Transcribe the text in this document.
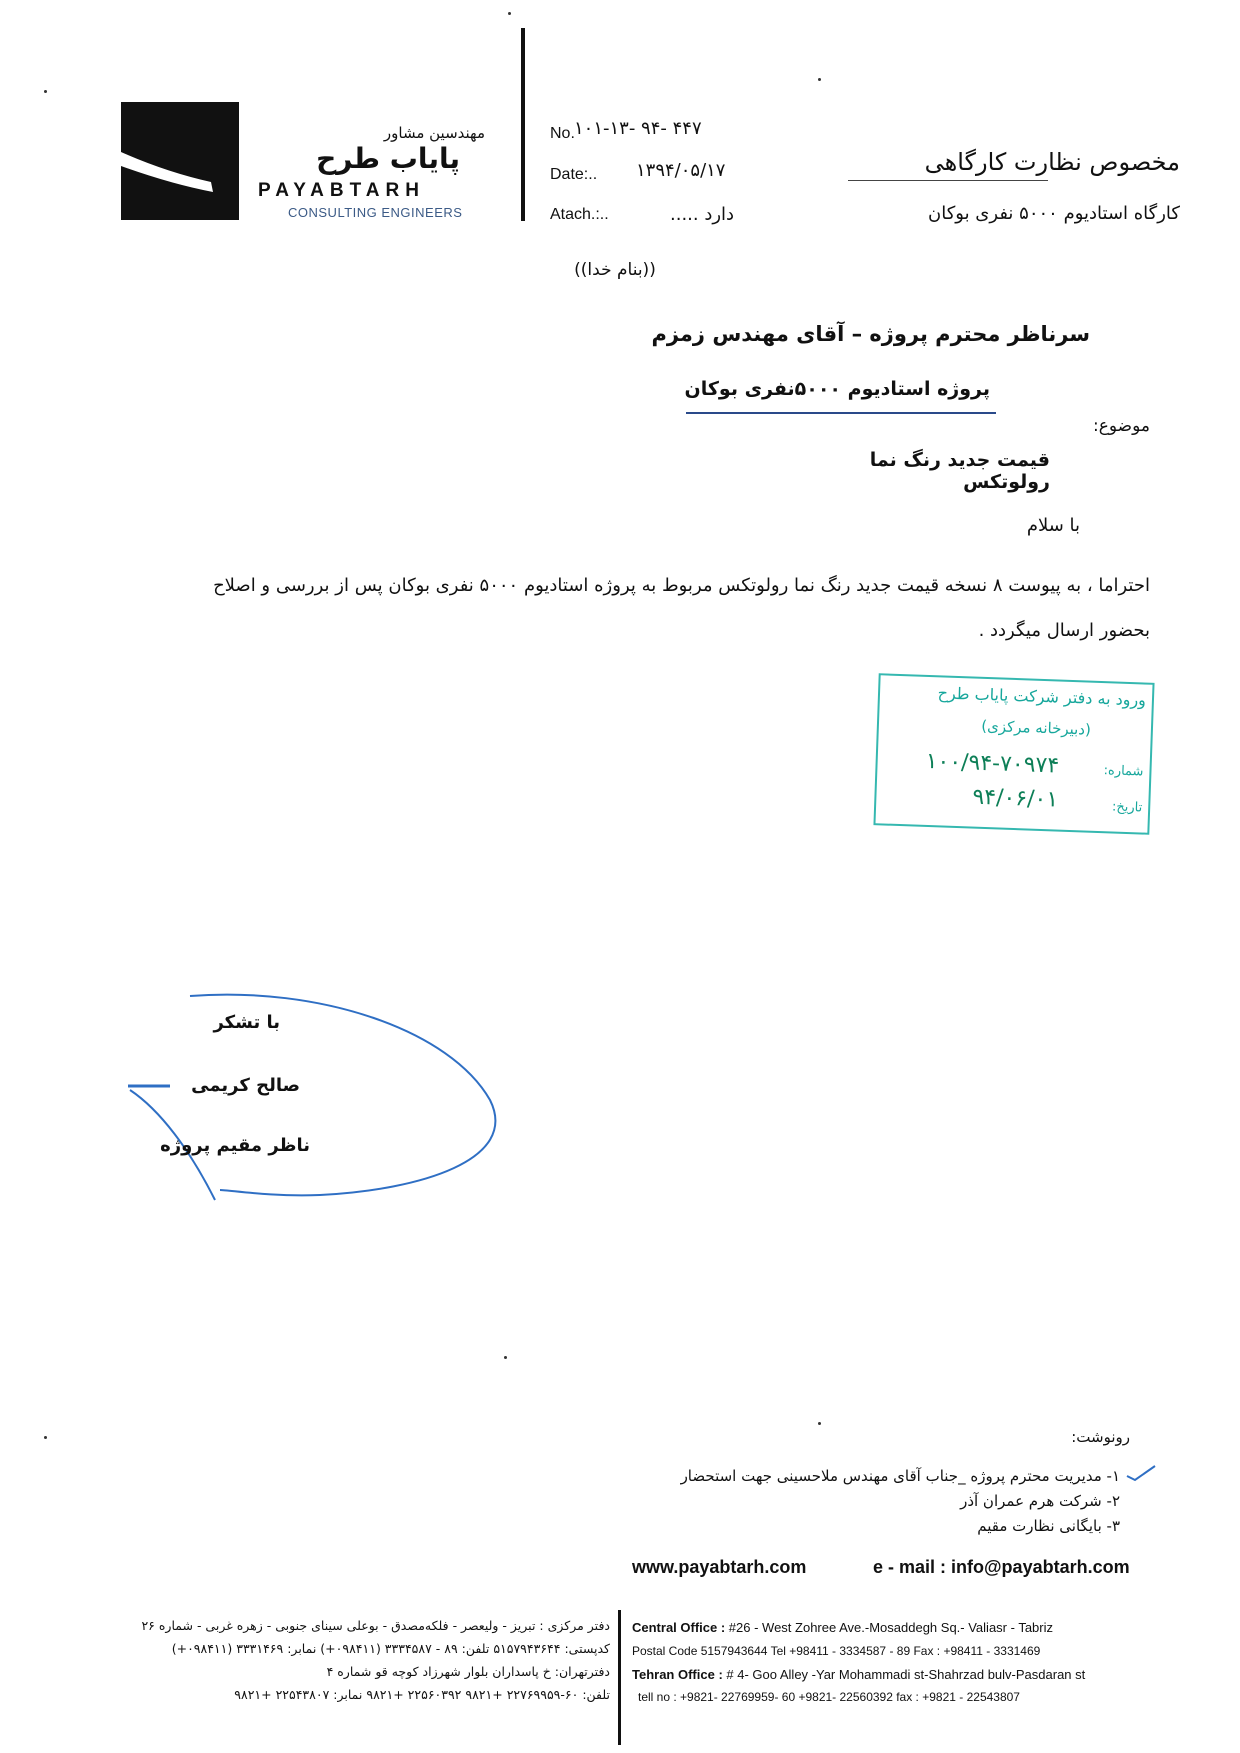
مهندسین مشاور
پایاب طرح
PAYABTARH
CONSULTING ENGINEERS
No. ۱۰۱-۱۳- ۹۴- ۴۴۷
Date:.. ۱۳۹۴/۰۵/۱۷
Atach.:..	دارد .....
مخصوص نظارت کارگاهی
کارگاه استادیوم ۵۰۰۰ نفری بوکان
((بنام خدا))
سرناظر محترم پروژه – آقای مهندس زمزم
پروژه استادیوم ۵۰۰۰نفری بوکان
موضوع:
قیمت جدید رنگ نما رولوتکس
با سلام
احتراما ، به پیوست ۸ نسخه قیمت جدید رنگ نما رولوتکس مربوط به پروژه استادیوم ۵۰۰۰ نفری بوکان پس از بررسی و اصلاح
بحضور ارسال میگردد .
ورود به دفتر شرکت پایاب طرح
(دبیرخانه مرکزی)
شماره:
۱۰۰/۹۴-۷۰۹۷۴
تاریخ:
۹۴/۰۶/۰۱
با تشکر
صالح کریمی
ناظر مقیم پروژه
رونوشت:
۱- مدیریت محترم پروژه _جناب آقای مهندس ملاحسینی جهت استحضار
۲- شرکت هرم عمران آذر
۳- بایگانی نظارت مقیم
www.payabtarh.com	e - mail : info@payabtarh.com
دفتر مرکزی : تبریز - ولیعصر - فلکه‌مصدق - بوعلی سینای جنوبی - زهره غربی - شماره ۲۶
کدپستی: ۵۱۵۷۹۴۳۶۴۴ تلفن: ۸۹ - ۳۳۳۴۵۸۷ (۰۹۸۴۱۱+) نمابر: ۳۳۳۱۴۶۹ (۰۹۸۴۱۱+)
دفترتهران: خ پاسداران بلوار شهرزاد کوچه قو شماره ۴
تلفن: ۶۰-۲۲۷۶۹۹۵۹ +۹۸۲۱ ۲۲۵۶۰۳۹۲ +۹۸۲۱ نمابر: ۲۲۵۴۳۸۰۷ +۹۸۲۱
Central Office : #26 - West Zohree Ave.-Mosaddegh Sq.- Valiasr - Tabriz
Postal Code 5157943644 Tel +98411 - 3334587 - 89 Fax : +98411 - 3331469
Tehran Office : # 4- Goo Alley -Yar Mohammadi st-Shahrzad bulv-Pasdaran st
tell no : +9821- 22769959- 60 +9821- 22560392 fax : +9821 - 22543807
